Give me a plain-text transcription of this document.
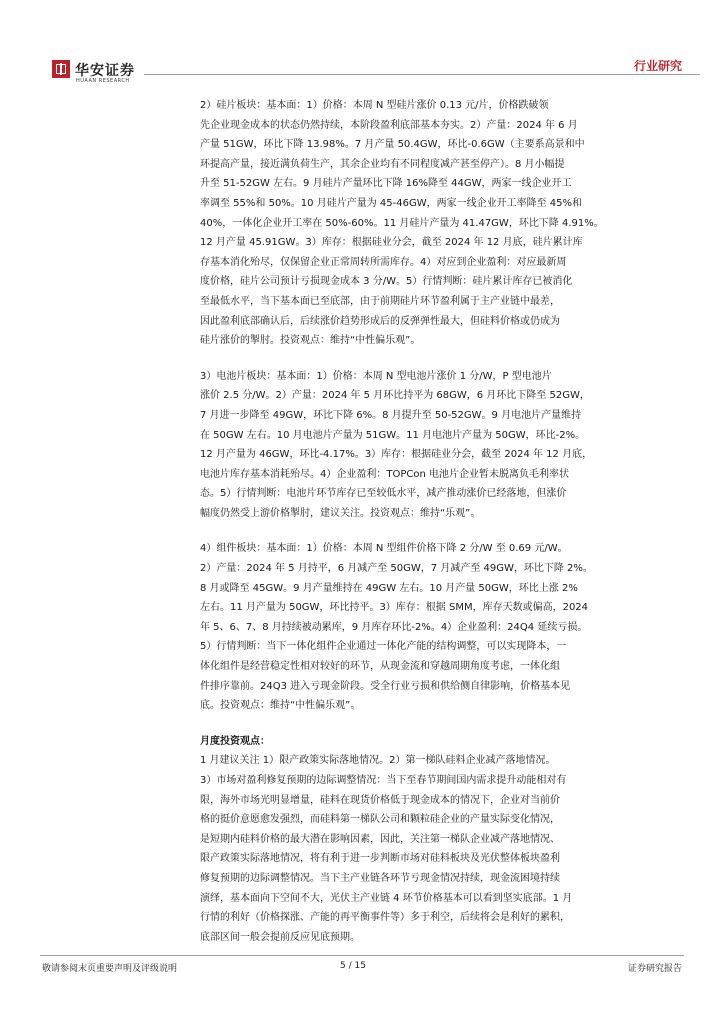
华安证券
HUAAN RESEARCH
行业研究
2）硅片板块：基本面：1）价格：本周 N 型硅片涨价 0.13 元/片，价格跌破领
先企业现金成本的状态仍然持续，本阶段盈利底部基本夯实。2）产量：2024 年 6 月
产量 51GW，环比下降 13.98%。7 月产量 50.4GW，环比-0.6GW（主要系高景和中
环提高产量，接近满负荷生产，其余企业均有不同程度减产甚至停产）。8 月小幅提
升至 51-52GW 左右。9 月硅片产量环比下降 16%降至 44GW，两家一线企业开工
率调至 55%和 50%。10 月硅片产量为 45-46GW，两家一线企业开工率降至 45%和
40%，一体化企业开工率在 50%-60%。11 月硅片产量为 41.47GW，环比下降 4.91%。
12 月产量 45.91GW。3）库存：根据硅业分会，截至 2024 年 12 月底，硅片累计库
存基本消化殆尽，仅保留企业正常周转所需库存。4）对应到企业盈利：对应最新周
度价格，硅片公司预计亏损现金成本 3 分/W。5）行情判断：硅片累计库存已被消化
至最低水平，当下基本面已至底部，由于前期硅片环节盈利属于主产业链中最差，
因此盈利底部确认后，后续涨价趋势形成后的反弹弹性最大，但硅料价格或仍成为
硅片涨价的掣肘。投资观点：维持“中性偏乐观”。
3）电池片板块：基本面：1）价格：本周 N 型电池片涨价 1 分/W，P 型电池片
涨价 2.5 分/W。2）产量：2024 年 5 月环比持平为 68GW，6 月环比下降至 52GW，
7 月进一步降至 49GW，环比下降 6%。8 月提升至 50-52GW。9 月电池片产量维持
在 50GW 左右。10 月电池片产量为 51GW。11 月电池片产量为 50GW，环比-2%。
12 月产量为 46GW，环比-4.17%。3）库存：根据硅业分会，截至 2024 年 12 月底，
电池片库存基本消耗殆尽。4）企业盈利：TOPCon 电池片企业暂未脱离负毛利率状
态。5）行情判断：电池片环节库存已至较低水平，减产推动涨价已经落地，但涨价
幅度仍然受上游价格掣肘，建议关注。投资观点：维持“乐观”。
4）组件板块：基本面：1）价格：本周 N 型组件价格下降 2 分/W 至 0.69 元/W。
2）产量：2024 年 5 月持平，6 月减产至 50GW，7 月减产至 49GW，环比下降 2%。
8 月或降至 45GW。9 月产量维持在 49GW 左右。10 月产量 50GW，环比上涨 2%
左右。11 月产量为 50GW，环比持平。3）库存：根据 SMM，库存天数或偏高，2024
年 5、6、7、8 月持续被动累库，9 月库存环比-2%。4）企业盈利：24Q4 延续亏损。
5）行情判断：当下一体化组件企业通过一体化产能的结构调整，可以实现降本，一
体化组件是经营稳定性相对较好的环节，从现金流和穿越周期角度考虑，一体化组
件排序靠前。24Q3 进入亏现金阶段。受全行业亏损和供给侧自律影响，价格基本见
底。投资观点：维持“中性偏乐观”。
月度投资观点：
1 月建议关注 1）限产政策实际落地情况。2）第一梯队硅料企业减产落地情况。
3）市场对盈利修复预期的边际调整情况：当下至春节期间国内需求提升动能相对有
限，海外市场光明显增量，硅料在现货价格低于现金成本的情况下，企业对当前价
格的挺价意愿愈发强烈，而硅料第一梯队公司和颗粒硅企业的产量实际变化情况，
是短期内硅料价格的最大潜在影响因素，因此，关注第一梯队企业减产落地情况、
限产政策实际落地情况，将有利于进一步判断市场对硅料板块及光伏整体板块盈利
修复预期的边际调整情况。当下主产业链各环节亏现金情况持续，现金流困境持续
演绎，基本面向下空间不大，光伏主产业链 4 环节价格基本可以看到坚实底部。1 月
行情的利好（价格探涨、产能的再平衡事件等）多于利空，后续将会是利好的累积，
底部区间一般会提前反应见底预期。
敬请参阅末页重要声明及评级说明	5 / 15	证券研究报告
